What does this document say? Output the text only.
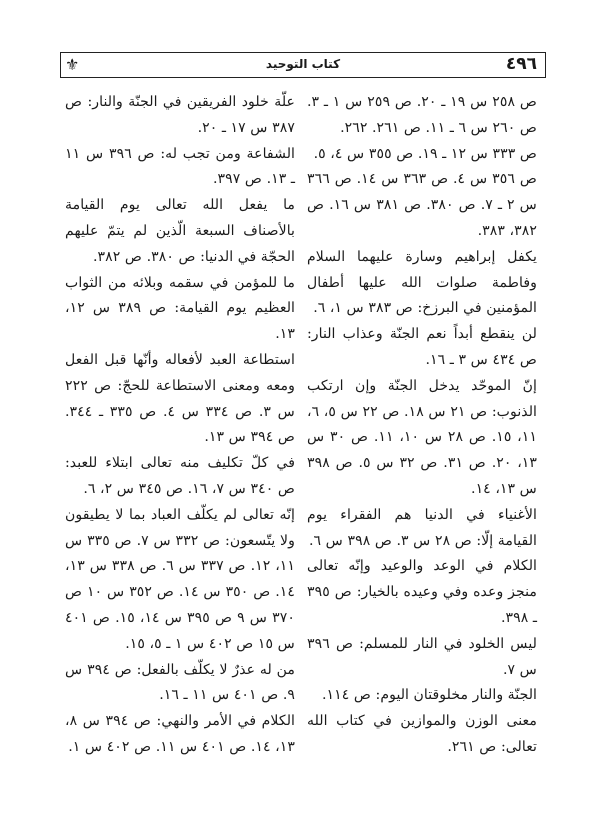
٤٩٦
كتاب التوحيد
⚜

ص ٢٥٨ س ١٩ ـ ٢٠. ص ٢٥٩ س ١ ـ ٣. ص ٢٦٠ س ٦ ـ ١١. ص ٢٦١. ٢٦٢.

ص ٣٣٣ س ١٢ ـ ١٩. ص ٣٥٥ س ٤، ٥.

ص ٣٥٦ س ٤. ص ٣٦٣ س ١٤. ص ٣٦٦ س ٢ ـ ٧. ص ٣٨٠. ص ٣٨١ س ١٦. ص ٣٨٢، ٣٨٣.

يكفل إبراهيم وسارة عليهما السلام وفاطمة صلوات الله عليها أطفال المؤمنين في البرزخ: ص ٣٨٣ س ١، ٦.

لن ينقطع أبداً نعم الجنّة وعذاب النار: ص ٤٣٤ س ٣ ـ ١٦.

إنّ الموحّد يدخل الجنّة وإن ارتكب الذنوب: ص ٢١ س ١٨. ص ٢٢ س ٥، ٦، ١١، ١٥. ص ٢٨ س ١٠، ١١. ص ٣٠ س ١٣، ٢٠. ص ٣١. ص ٣٢ س ٥. ص ٣٩٨ س ١٣، ١٤.

الأغنياء في الدنيا هم الفقراء يوم القيامة إلّا: ص ٢٨ س ٣. ص ٣٩٨ س ٦.

الكلام في الوعد والوعيد وإنّه تعالى منجز وعده وفي وعيده بالخيار: ص ٣٩٥ ـ ٣٩٨.

ليس الخلود في النار للمسلم: ص ٣٩٦ س ٧.

الجنّة والنار مخلوقتان اليوم: ص ١١٤.

معنى الوزن والموازين في كتاب الله تعالى: ص ٢٦١.

علّة خلود الفريقين في الجنّة والنار: ص ٣٨٧ س ١٧ ـ ٢٠.

الشفاعة ومن تجب له: ص ٣٩٦ س ١١ ـ ١٣. ص ٣٩٧.

ما يفعل الله تعالى يوم القيامة بالأصناف السبعة الّذين لم يتمّ عليهم الحجّة في الدنيا: ص ٣٨٠. ص ٣٨٢.

ما للمؤمن في سقمه وبلائه من الثواب العظيم يوم القيامة: ص ٣٨٩ س ١٢، ١٣.

استطاعة العبد لأفعاله وأنّها قبل الفعل ومعه ومعنى الاستطاعة للحجّ: ص ٢٢٢ س ٣. ص ٣٣٤ س ٤. ص ٣٣٥ ـ ٣٤٤. ص ٣٩٤ س ١٣.

في كلّ تكليف منه تعالى ابتلاء للعبد: ص ٣٤٠ س ٧، ١٦. ص ٣٤٥ س ٢، ٦.

إنّه تعالى لم يكلّف العباد بما لا يطيقون ولا يتّسعون: ص ٣٣٢ س ٧. ص ٣٣٥ س ١١، ١٢. ص ٣٣٧ س ٦. ص ٣٣٨ س ١٣، ١٤. ص ٣٥٠ س ١٤. ص ٣٥٢ س ١٠ ص ٣٧٠ س ٩ ص ٣٩٥ س ١٤، ١٥. ص ٤٠١ س ١٥ ص ٤٠٢ س ١ ـ ٥، ١٥.

من له عذرٌ لا يكلّف بالفعل: ص ٣٩٤ س ٩. ص ٤٠١ س ١١ ـ ١٦.

الكلام في الأمر والنهي: ص ٣٩٤ س ٨، ١٣، ١٤. ص ٤٠١ س ١١. ص ٤٠٢ س ١.
